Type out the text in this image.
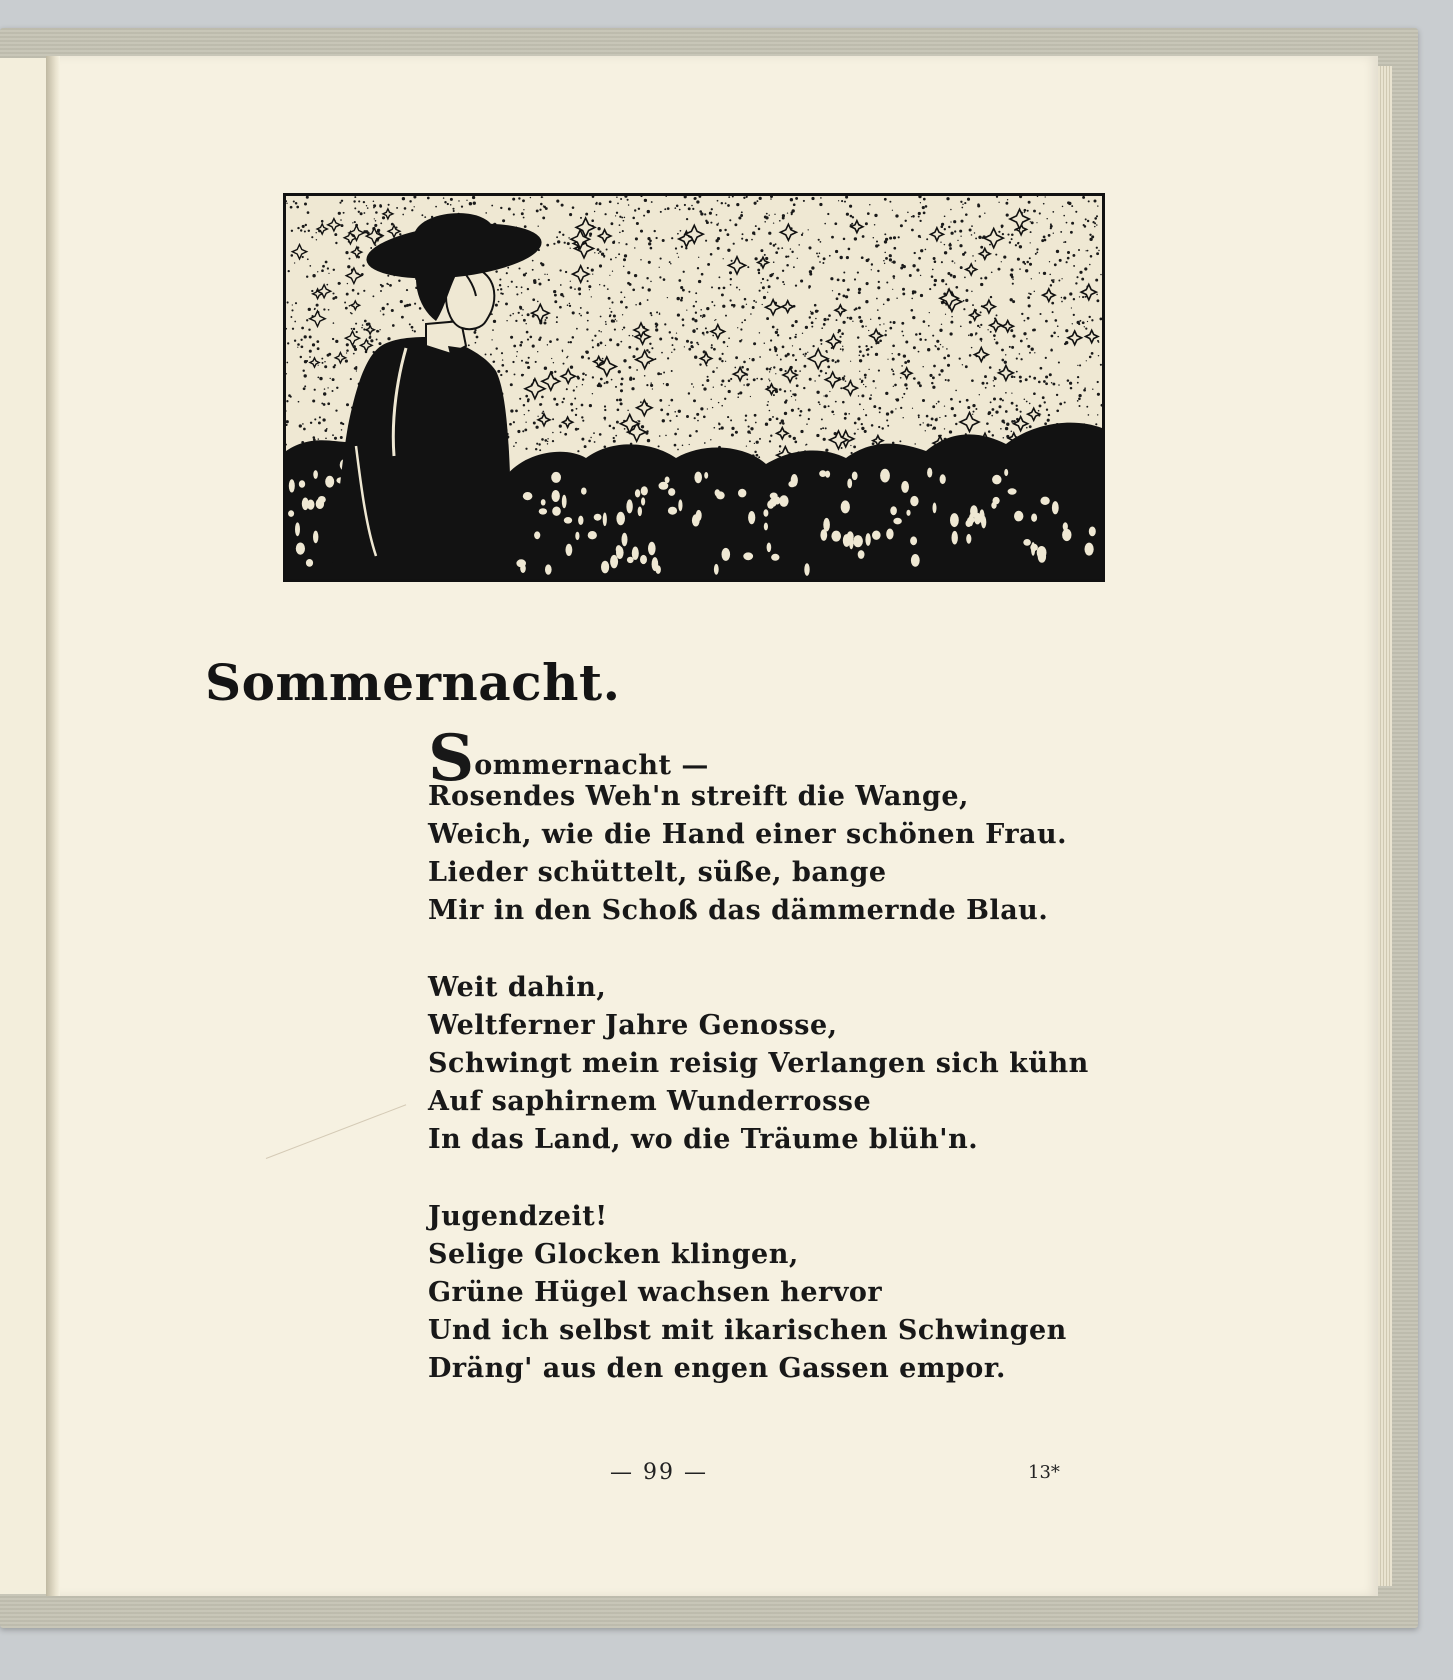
Sommernacht.
Sommernacht —
Rosendes Weh'n streift die Wange,
Weich, wie die Hand einer schönen Frau.
Lieder schüttelt, süße, bange
Mir in den Schoß das dämmernde Blau.
Weit dahin,
Weltferner Jahre Genosse,
Schwingt mein reisig Verlangen sich kühn
Auf saphirnem Wunderrosse
In das Land, wo die Träume blüh'n.
Jugendzeit!
Selige Glocken klingen,
Grüne Hügel wachsen hervor
Und ich selbst mit ikarischen Schwingen
Dräng' aus den engen Gassen empor.
— 99 —	13*
